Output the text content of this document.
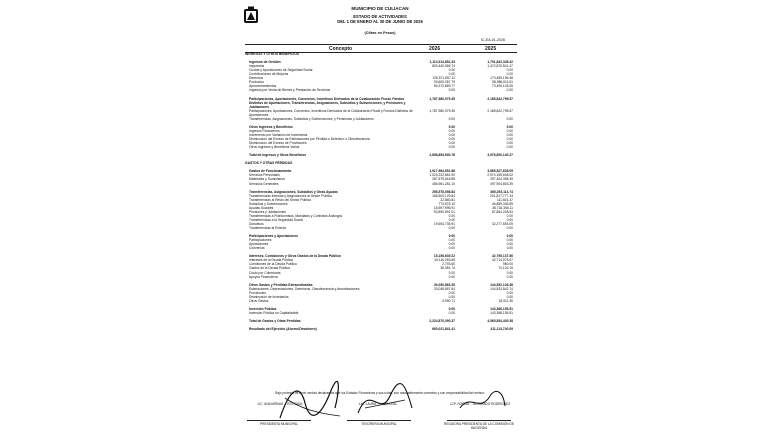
MUNICIPIO DE CULIACAN
ESTADO DE ACTIVIDADES
DEL 1 DE ENERO AL 30 DE JUNIO DE 2026
(Cifras en Pesos)
IC-EA-01-2026
Concepto	2026	2025
INGRESOS Y OTROS BENEFICIOS
Ingresos de Gestión	1,110,914,851.33	1,791,842,345.32
Impuestos	800,440,065.74	1,472,870,541.47
Cuotas y Aportaciones de Seguridad Social	0.00	0.00
Contribuciones de Mejoras	0.00	0.00
Derechos	126,571,857.11	173,489,156.48
Productos	33,600,057.79	58,986,611.61
Aprovechamientos	50,372,869.77	73,490,145.05
Ingresos por Venta de Bienes y Prestación de Servicios	0.00	0.00
Participaciones, Aportaciones, Convenios, Incentivos Derivados de la Colaboración Fiscal, Fondos	1,787,980,079.45	2,185,842,795.57
Distintos de Aportaciones, Transferencias, Asignaciones, Subsidios y Subvenciones, y Pensiones y
Jubilaciones
Participaciones, Aportaciones, Convenios, Incentivos Derivados de la Colaboración Fiscal y Fondos Distintos de	1,787,980,079.45	2,185,842,795.57
Aportaciones
Transferencias, Asignaciones, Subsidios y Subvenciones, y Pensiones y Jubilaciones	0.00	0.00
Otros Ingresos y Beneficios	0.00	0.00
Ingresos Financieros	0.00	0.00
Incremento por Variación de Inventarios	0.00	0.00
Disminución del Exceso de Estimaciones por Pérdida o Deterioro u Obsolescencia	0.00	0.00
Disminución del Exceso de Provisiones	0.00	0.00
Otros Ingresos y Beneficios Varios	0.00	0.00
Total de Ingresos y Otros Beneficios	2,898,894,930.78	3,976,690,140.27
GASTOS Y OTRAS PÉRDIDAS
Gastos de Funcionamiento	1,917,984,551.86	3,869,527,635.05
Servicios Personales	1,023,222,681.90	2,974,155,606.02
Materiales y Suministros	287,579,618.85	397,404,355.39
Servicios Generales	456,961,281.10	497,904,803.39
Transferencias, Asignaciones, Subsidios y Otras Ayudas	256,578,056.84	365,293,114.74
Transferencias Internas y Asignaciones al Sector Público	166,500,129.84	201,817,777.34
Transferencias al Resto del Sector Público	22,860.81	111,601.47
Subsidios y Subvenciones	773,875.10	46,889,348.89
Ayudas Sociales	18,597,996.91	36,718,356.11
Pensiones y Jubilaciones	53,890,891.01	87,864,248.53
Transferencias a Fideicomisos, Mandatos y Contratos Análogos	0.00	0.00
Transferencias a la Seguridad Social	0.00	0.00
Donativos	19,604,735.91	32,277,653.09
Transferencias al Exterior	0.00	0.00
Participaciones y Aportaciones	0.00	0.00
Participaciones	0.00	0.00
Aportaciones	0.00	0.00
Convenios	0.00	0.00
Intereses, Comisiones y Otros Gastos de la Deuda Pública	15,156,639.22	42,795,137.56
Intereses de la Deuda Pública	15,116,263.69	42,714,075.67
Comisiones de la Deuda Pública	2,793.60	960.00
Gastos de la Deuda Pública	38,081.74	70,102.19
Costo por Coberturas	0.00	0.00
Apoyos Financieros	0.00	0.00
Otros Gastos y Pérdidas Extraordinarias	33,050,863.35	144,552,126.38
Estimaciones, Depreciaciones, Deterioros, Obsolescencia y Amortizaciones	33,046,657.64	144,533,542.74
Provisiones	0.00	0.00
Disminución de Inventarios	0.00	0.00
Otros Gastos	3,990.71	18,511.36
Inversión Pública	0.00	143,368,155.51
Inversión Pública no Capitalizable	0.00	143,368,155.51
Total de Gastos y Otras Pérdidas	2,224,870,090.37	4,565,554,400.38
Resultado del Ejercicio (Ahorro/Desahorro)	660,021,841.41	411,113,740.09
Bajo protesta de decir verdad declaramos que los Estados Financieros y sus notas, son razonablemente correctos y son responsabilidad del emisor.
LIC. ANA MIRIAM ... ESTRADA	LIC. LAURA ... ...CIA LEAL	LCP. NORMA ... ALVARADO RODRIGUEZ
PRESIDENTA MUNICIPAL	TESORERA MUNICIPAL	REGIDORA PRESIDENTA DE LA COMISIÓN DE HACIENDA
